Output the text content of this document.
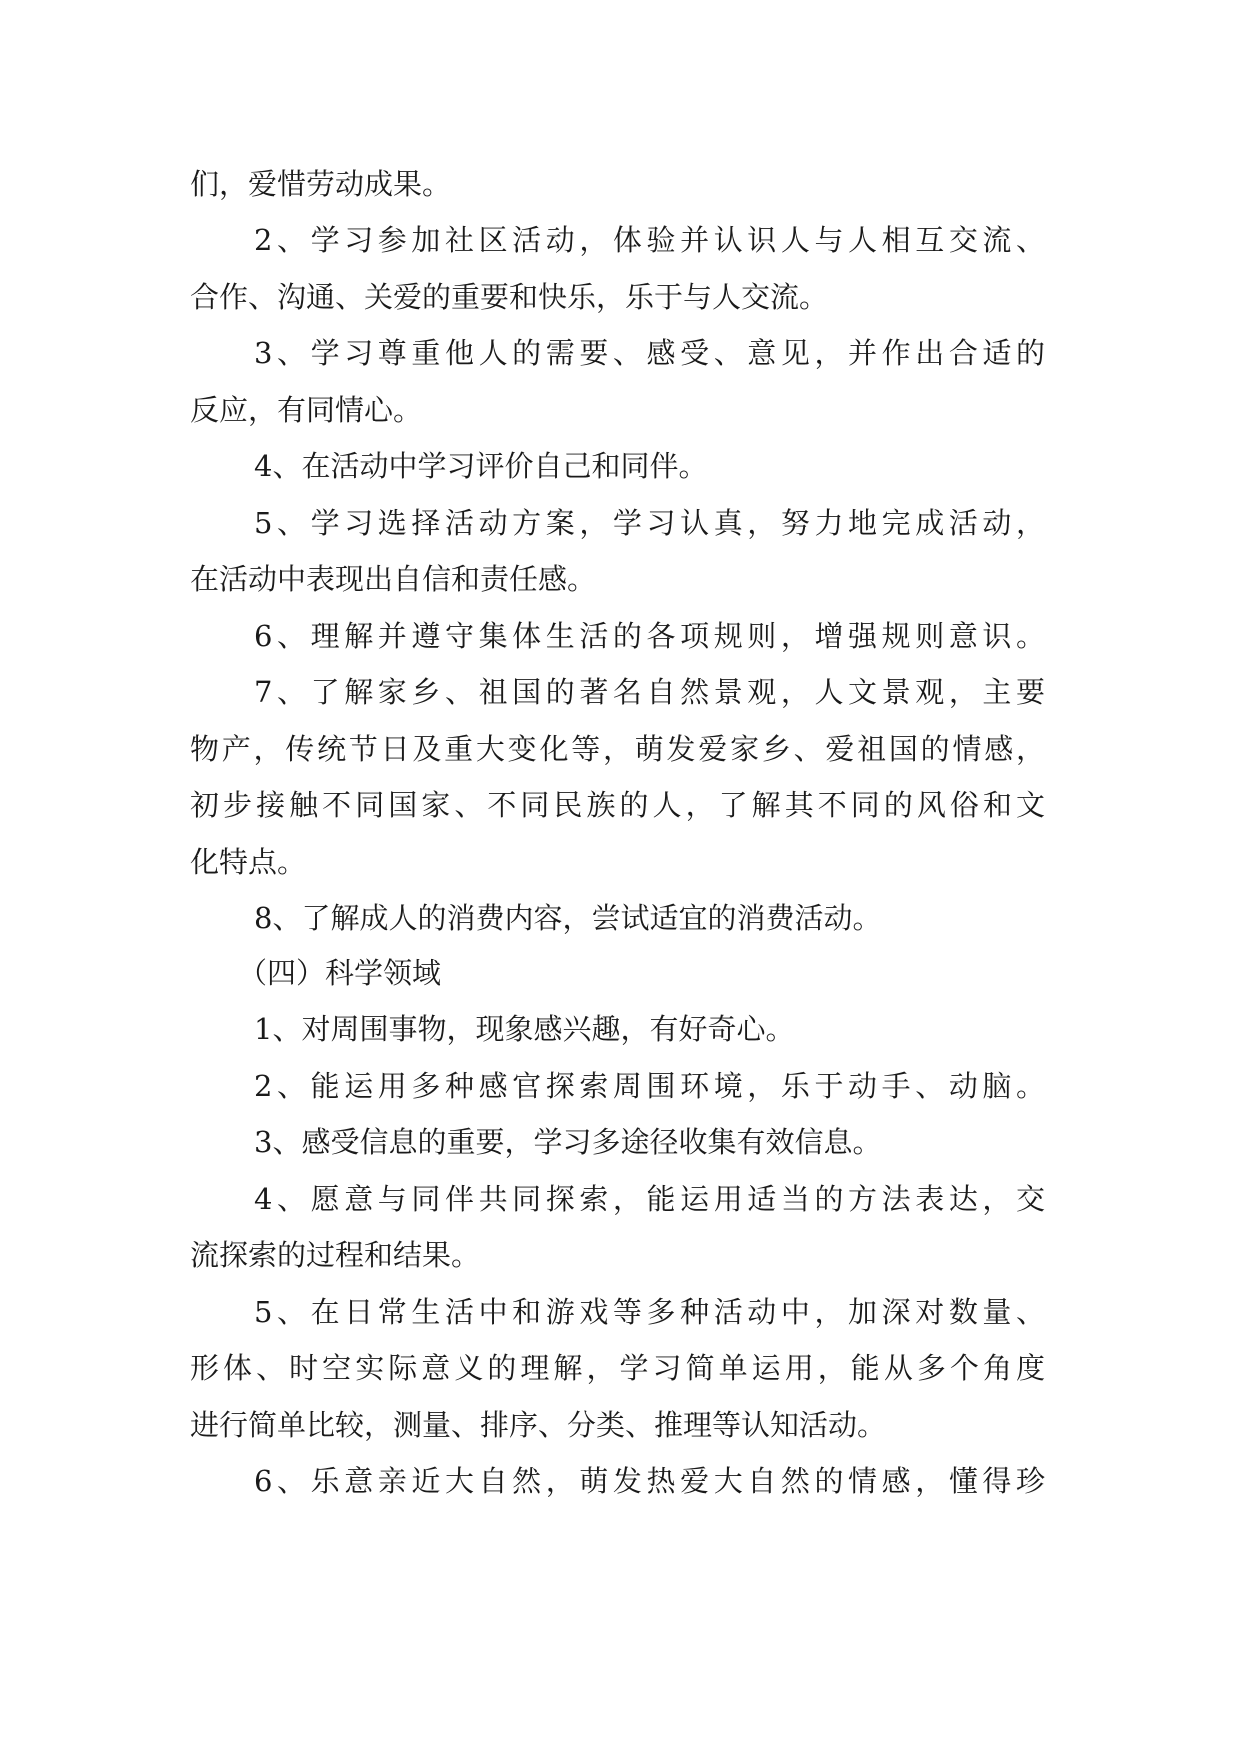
们，爱惜劳动成果。
2、学习参加社区活动，体验并认识人与人相互交流、
合作、沟通、关爱的重要和快乐，乐于与人交流。
3、学习尊重他人的需要、感受、意见，并作出合适的
反应，有同情心。
4、在活动中学习评价自己和同伴。
5、学习选择活动方案，学习认真，努力地完成活动，
在活动中表现出自信和责任感。
6、理解并遵守集体生活的各项规则，增强规则意识。
7、了解家乡、祖国的著名自然景观，人文景观，主要
物产，传统节日及重大变化等，萌发爱家乡、爱祖国的情感，
初步接触不同国家、不同民族的人，了解其不同的风俗和文
化特点。
8、了解成人的消费内容，尝试适宜的消费活动。
（四）科学领域
1、对周围事物，现象感兴趣，有好奇心。
2、能运用多种感官探索周围环境，乐于动手、动脑。
3、感受信息的重要，学习多途径收集有效信息。
4、愿意与同伴共同探索，能运用适当的方法表达，交
流探索的过程和结果。
5、在日常生活中和游戏等多种活动中，加深对数量、
形体、时空实际意义的理解，学习简单运用，能从多个角度
进行简单比较，测量、排序、分类、推理等认知活动。
6、乐意亲近大自然，萌发热爱大自然的情感，懂得珍
